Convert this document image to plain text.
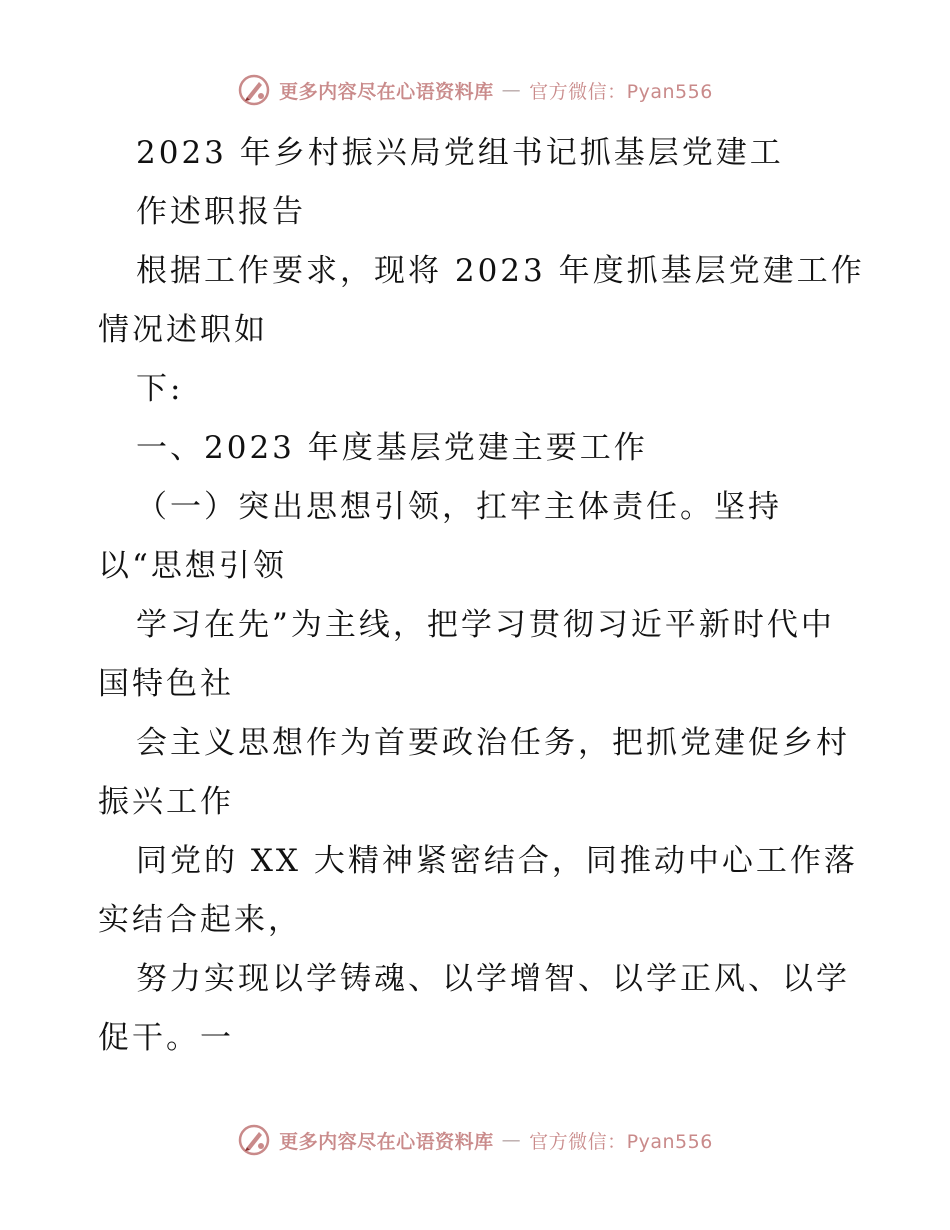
更多内容尽在心语资料库 — 官方微信：Pyan556
2023 年乡村振兴局党组书记抓基层党建工
作述职报告
根据工作要求，现将 2023 年度抓基层党建工作
情况述职如
下:
一、2023 年度基层党建主要工作
（一）突出思想引领，扛牢主体责任。坚持
以“思想引领
学习在先”为主线，把学习贯彻习近平新时代中
国特色社
会主义思想作为首要政治任务，把抓党建促乡村
振兴工作
同党的 XX 大精神紧密结合，同推动中心工作落
实结合起来，
努力实现以学铸魂、以学增智、以学正风、以学
促干。一
更多内容尽在心语资料库 — 官方微信：Pyan556
